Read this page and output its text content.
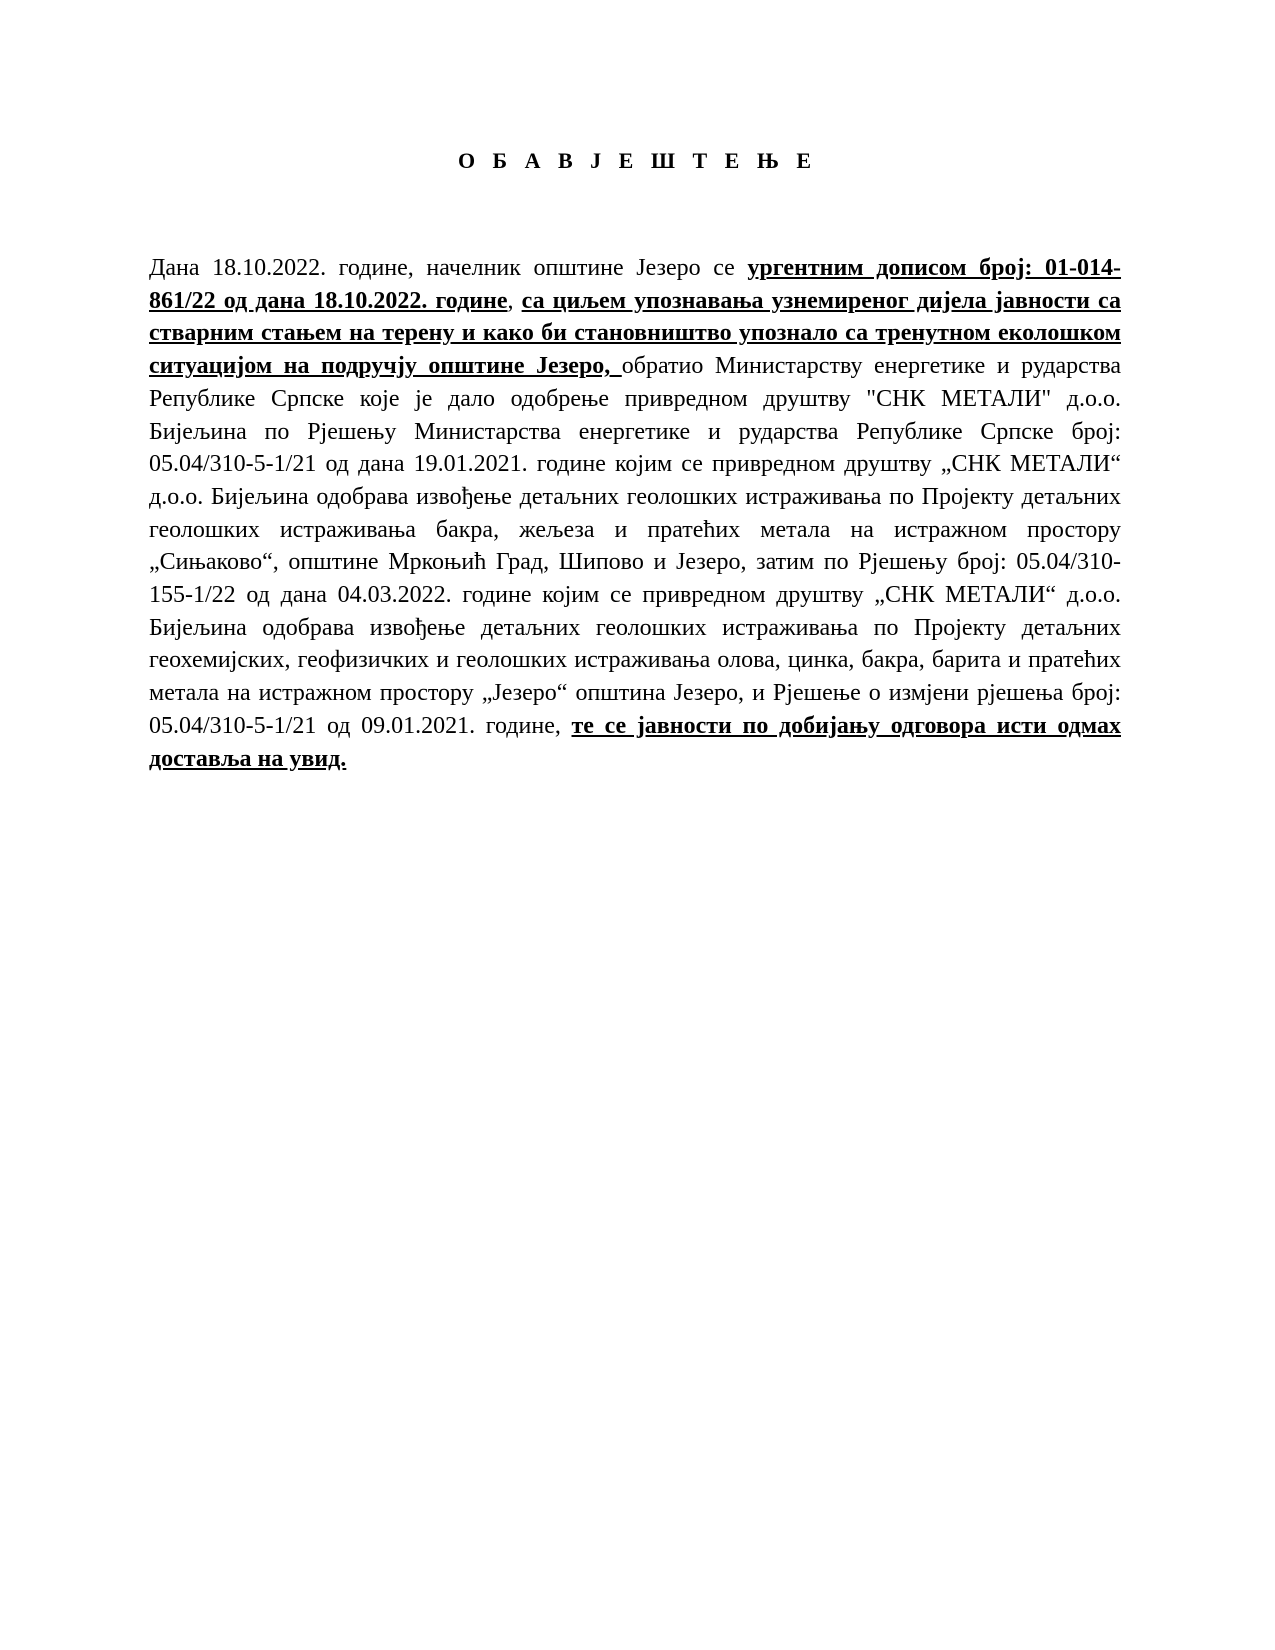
О Б А В Ј Е Ш Т Е Њ Е

Дана 18.10.2022. године, начелник општине Језеро се ургентним дописом број: 01-014-861/22 од дана 18.10.2022. године, са циљем упознавања узнемиреног дијела јавности са стварним стањем на терену и како би становништво упознало са тренутном еколошком ситуацијом на подручју општине Језеро, обратио Министарству енергетике и рударства Републике Српске које је дало одобрење привредном друштву "СНК МЕТАЛИ" д.о.о. Бијељина по Рјешењу Министарства енергетике и рударства Републике Српске број: 05.04/310-5-1/21 од дана 19.01.2021. године којим се привредном друштву „СНК МЕТАЛИ“ д.о.о. Бијељина одобрава извођење детаљних геолошких истраживања по Пројекту детаљних геолошких истраживања бакра, жељеза и пратећих метала на истражном простору „Сињаково“, општине Мркоњић Град, Шипово и Језеро, затим по Рјешењу број: 05.04/310-155-1/22 од дана 04.03.2022. године којим се привредном друштву „СНК МЕТАЛИ“ д.о.о. Бијељина одобрава извођење детаљних геолошких истраживања по Пројекту детаљних геохемијских, геофизичких и геолошких истраживања олова, цинка, бакра, барита и пратећих метала на истражном простору „Језеро“ општина Језеро, и Рјешење о измјени рјешења број: 05.04/310-5-1/21 од 09.01.2021. године, те се јавности по добијању одговора исти одмах доставља на увид.
